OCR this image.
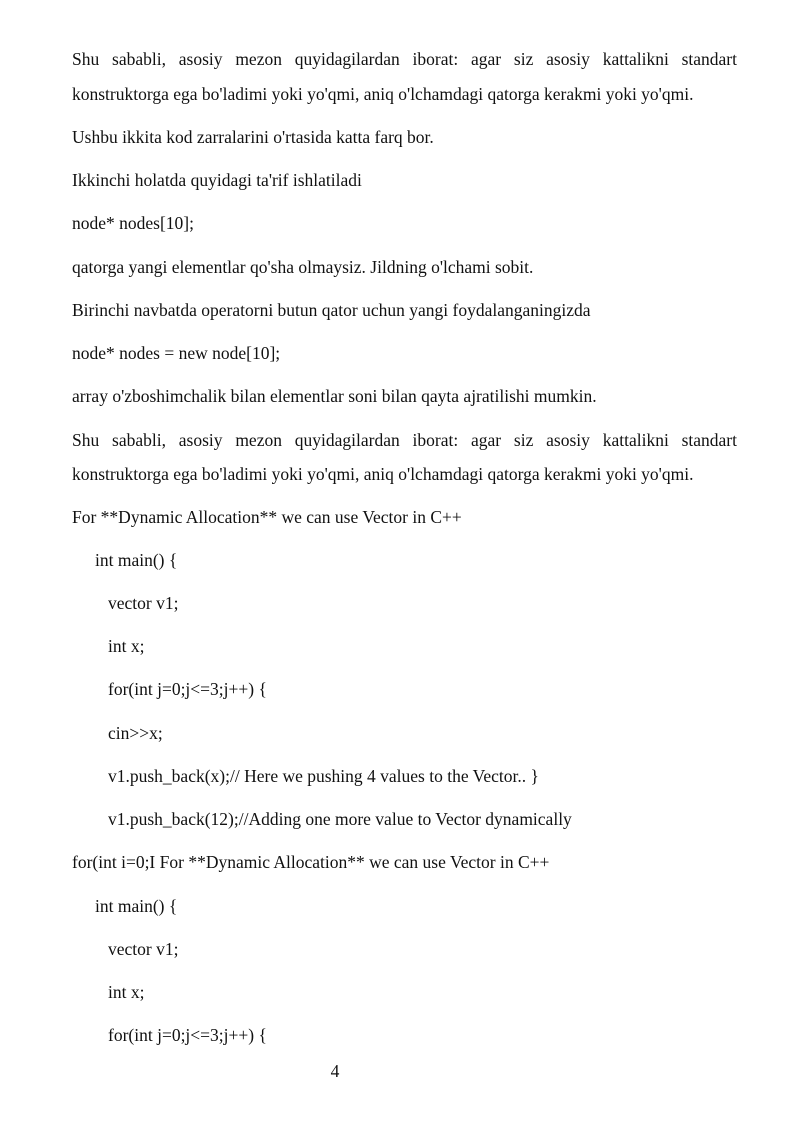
Shu sababli, asosiy mezon quyidagilardan iborat: agar siz asosiy kattalikni standart
konstruktorga ega bo'ladimi yoki yo'qmi, aniq o'lchamdagi qatorga kerakmi yoki yo'qmi.
Ushbu ikkita kod zarralarini o'rtasida katta farq bor.
Ikkinchi holatda quyidagi ta'rif ishlatiladi
node* nodes[10];
qatorga yangi elementlar qo'sha olmaysiz. Jildning o'lchami sobit.
Birinchi navbatda operatorni butun qator uchun yangi foydalanganingizda
node* nodes = new node[10];
array o'zboshimchalik bilan elementlar soni bilan qayta ajratilishi mumkin.
Shu sababli, asosiy mezon quyidagilardan iborat: agar siz asosiy kattalikni standart
konstruktorga ega bo'ladimi yoki yo'qmi, aniq o'lchamdagi qatorga kerakmi yoki yo'qmi.
For **Dynamic Allocation** we can use Vector in C++
int main() {
vector v1;
int x;
for(int j=0;j<=3;j++) {
cin>>x;
v1.push_back(x);// Here we pushing 4 values to the Vector.. }
v1.push_back(12);//Adding one more value to Vector dynamically
for(int i=0;I For **Dynamic Allocation** we can use Vector in C++
int main() {
vector v1;
int x;
for(int j=0;j<=3;j++) {
4
